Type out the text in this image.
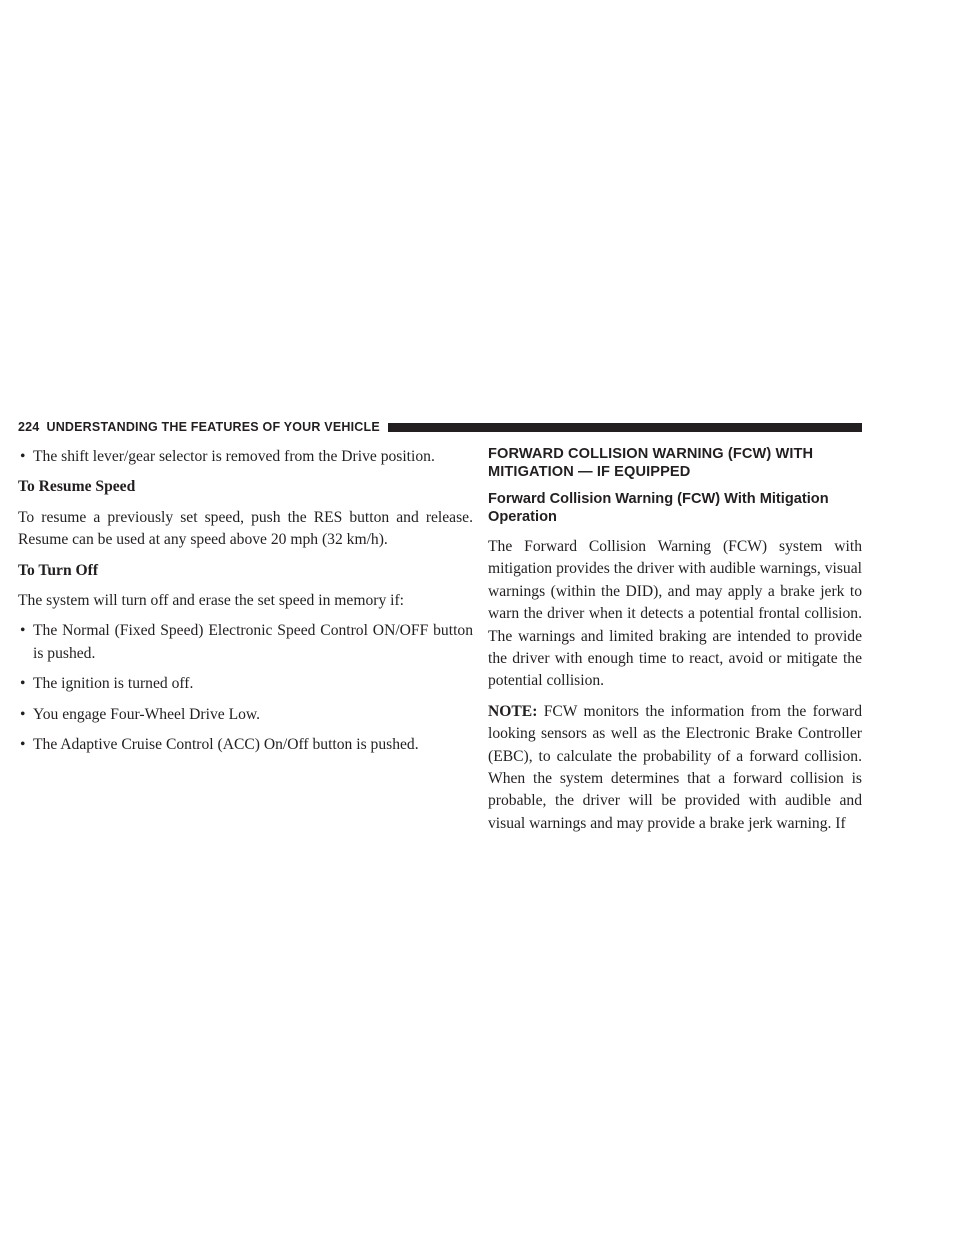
224 UNDERSTANDING THE FEATURES OF YOUR VEHICLE
• The shift lever/gear selector is removed from the Drive position.
To Resume Speed

To resume a previously set speed, push the RES button and release. Resume can be used at any speed above 20 mph (32 km/h).

To Turn Off

The system will turn off and erase the set speed in memory if:

• The Normal (Fixed Speed) Electronic Speed Control ON/OFF button is pushed.
• The ignition is turned off.
• You engage Four-Wheel Drive Low.
• The Adaptive Cruise Control (ACC) On/Off button is pushed.
FORWARD COLLISION WARNING (FCW) WITH MITIGATION — IF EQUIPPED
Forward Collision Warning (FCW) With Mitigation Operation

The Forward Collision Warning (FCW) system with mitigation provides the driver with audible warnings, visual warnings (within the DID), and may apply a brake jerk to warn the driver when it detects a potential frontal collision. The warnings and limited braking are intended to provide the driver with enough time to react, avoid or mitigate the potential collision.

NOTE: FCW monitors the information from the forward looking sensors as well as the Electronic Brake Controller (EBC), to calculate the probability of a forward collision. When the system determines that a forward collision is probable, the driver will be provided with audible and visual warnings and may provide a brake jerk warning. If
